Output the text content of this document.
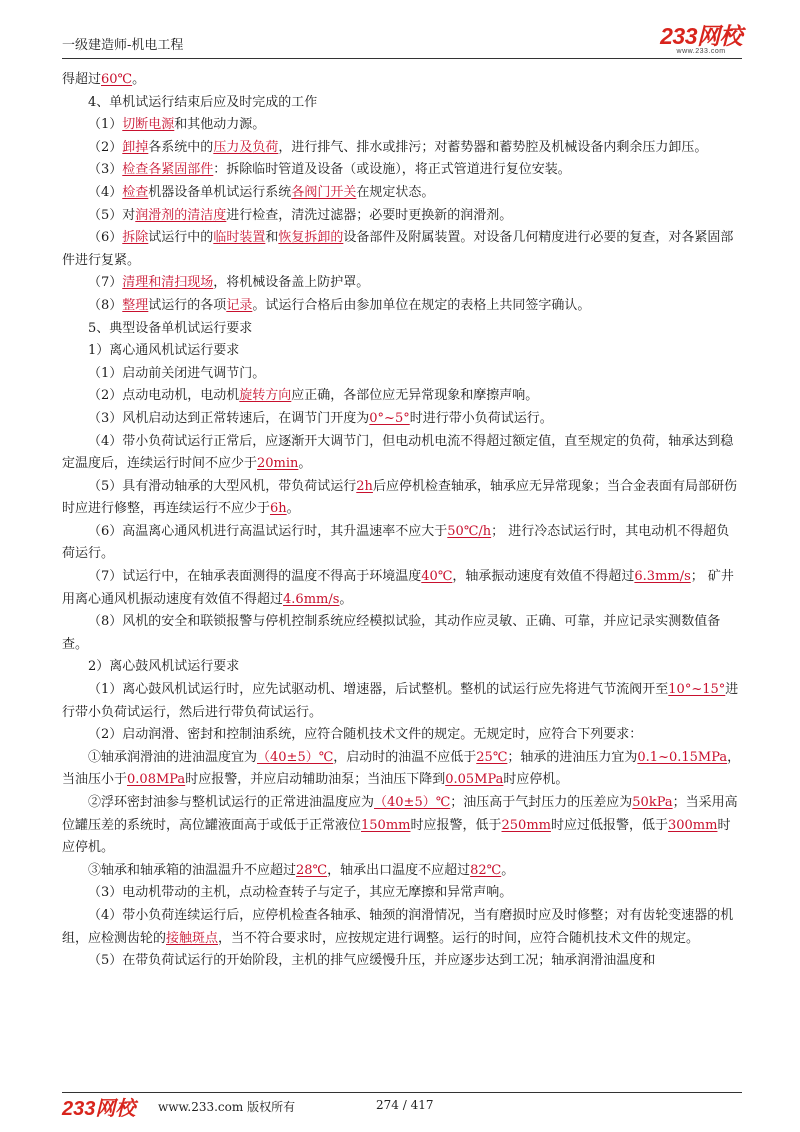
一级建造师-机电工程	233网校
www.233.com

得超过60℃。

4、单机试运行结束后应及时完成的工作

（1）切断电源和其他动力源。

（2）卸掉各系统中的压力及负荷，进行排气、排水或排污；对蓄势器和蓄势腔及机械设备内剩余压力卸压。

（3）检查各紧固部件：拆除临时管道及设备（或设施），将正式管道进行复位安装。

（4）检查机器设备单机试运行系统各阀门开关在规定状态。

（5）对润滑剂的清洁度进行检查，清洗过滤器；必要时更换新的润滑剂。

（6）拆除试运行中的临时装置和恢复拆卸的设备部件及附属装置。对设备几何精度进行必要的复查，对各紧固部件进行复紧。

（7）清理和清扫现场，将机械设备盖上防护罩。

（8）整理试运行的各项记录。试运行合格后由参加单位在规定的表格上共同签字确认。

5、典型设备单机试运行要求

1）离心通风机试运行要求

（1）启动前关闭进气调节门。

（2）点动电动机，电动机旋转方向应正确，各部位应无异常现象和摩擦声响。

（3）风机启动达到正常转速后，在调节门开度为0°~5°时进行带小负荷试运行。

（4）带小负荷试运行正常后，应逐渐开大调节门，但电动机电流不得超过额定值，直至规定的负荷，轴承达到稳定温度后，连续运行时间不应少于20min。

（5）具有滑动轴承的大型风机，带负荷试运行2h后应停机检查轴承，轴承应无异常现象；当合金表面有局部研伤时应进行修整，再连续运行不应少于6h。

（6）高温离心通风机进行高温试运行时，其升温速率不应大于50℃/h； 进行冷态试运行时，其电动机不得超负荷运行。

（7）试运行中，在轴承表面测得的温度不得高于环境温度40℃，轴承振动速度有效值不得超过6.3mm/s； 矿井用离心通风机振动速度有效值不得超过4.6mm/s。

（8）风机的安全和联锁报警与停机控制系统应经模拟试验，其动作应灵敏、正确、可靠，并应记录实测数值备查。

2）离心鼓风机试运行要求

（1）离心鼓风机试运行时，应先试驱动机、增速器，后试整机。整机的试运行应先将进气节流阀开至10°~15°进行带小负荷试运行，然后进行带负荷试运行。

（2）启动润滑、密封和控制油系统，应符合随机技术文件的规定。无规定时，应符合下列要求：

①轴承润滑油的进油温度宜为（40±5）℃，启动时的油温不应低于25℃；轴承的进油压力宜为0.1~0.15MPa，当油压小于0.08MPa时应报警，并应启动辅助油泵；当油压下降到0.05MPa时应停机。

②浮环密封油参与整机试运行的正常进油温度应为（40±5）℃；油压高于气封压力的压差应为50kPa；当采用高位罐压差的系统时，高位罐液面高于或低于正常液位150mm时应报警，低于250mm时应过低报警，低于300mm时应停机。

③轴承和轴承箱的油温温升不应超过28℃，轴承出口温度不应超过82℃。

（3）电动机带动的主机，点动检查转子与定子，其应无摩擦和异常声响。

（4）带小负荷连续运行后，应停机检查各轴承、轴颈的润滑情况，当有磨损时应及时修整；对有齿轮变速器的机组，应检测齿轮的接触斑点，当不符合要求时，应按规定进行调整。运行的时间，应符合随机技术文件的规定。

（5）在带负荷试运行的开始阶段，主机的排气应缓慢升压，并应逐步达到工况；轴承润滑油温度和

233网校 www.233.com 版权所有	274 / 417
